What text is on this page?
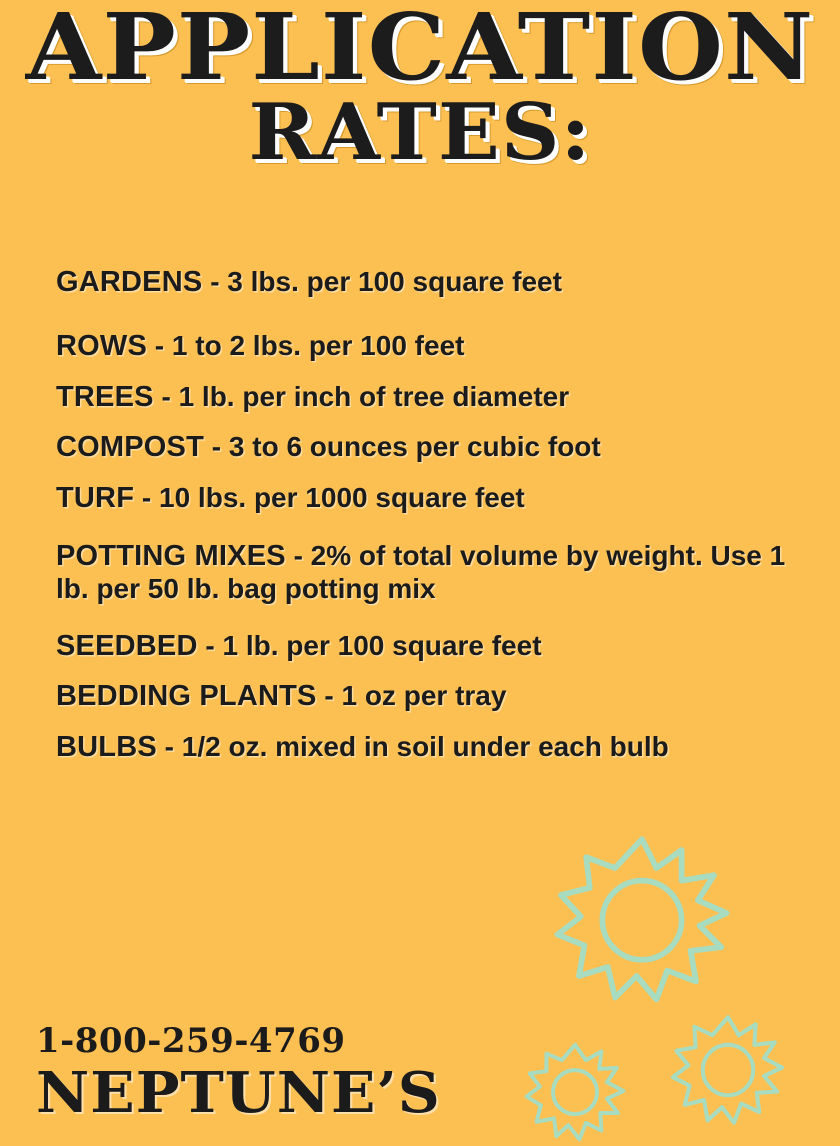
APPLICATION
RATES:
GARDENS - 3 lbs. per 100 square feet
ROWS - 1 to 2 lbs. per 100 feet
TREES - 1 lb. per inch of tree diameter
COMPOST - 3 to 6 ounces per cubic foot
TURF - 10 lbs. per 1000 square feet
POTTING MIXES - 2% of total volume by weight. Use 1 lb. per 50 lb. bag potting mix
SEEDBED - 1 lb. per 100 square feet
BEDDING PLANTS - 1 oz per tray
BULBS - 1/2 oz. mixed in soil under each bulb
1-800-259-4769
NEPTUNE’S
